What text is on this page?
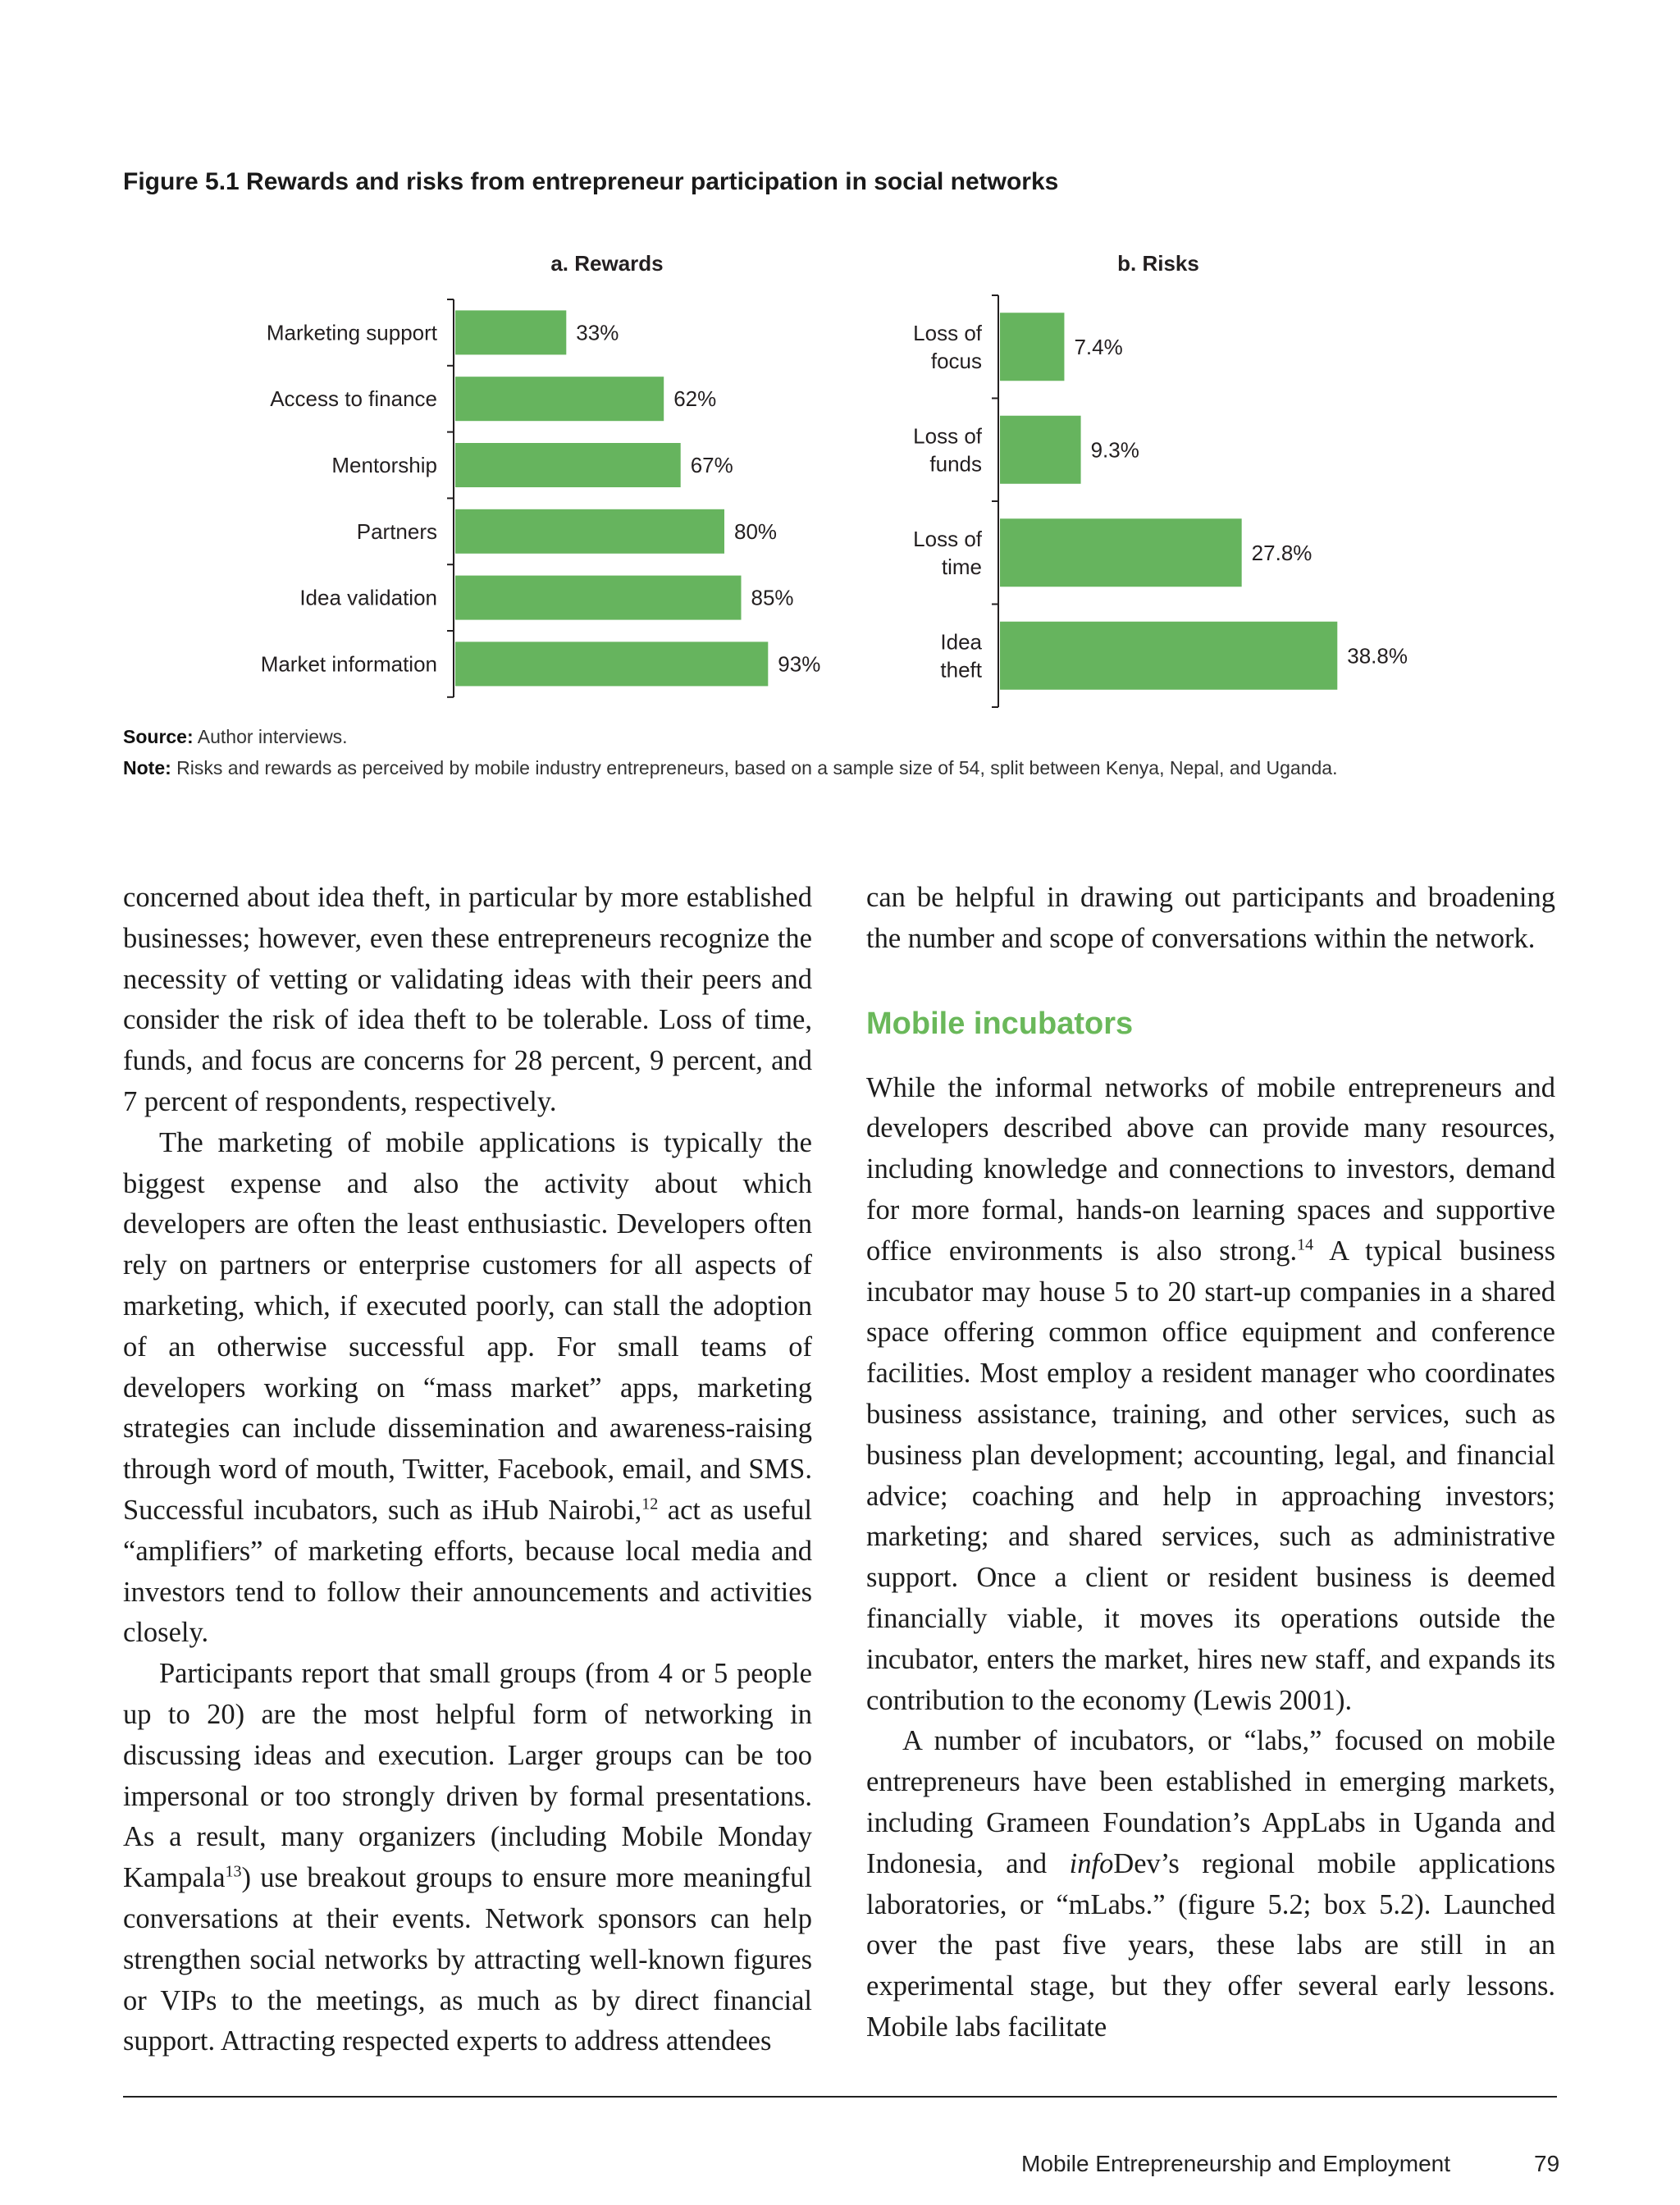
Figure 5.1 Rewards and risks from entrepreneur participation in social networks
a. Rewards
Marketing support	33%
Access to finance	62%
Mentorship	67%
Partners	80%
Idea validation	85%
Market information	93%
b. Risks
Loss of
focus
7.4%
Loss of
funds
9.3%
Loss of
time
27.8%
Idea
theft
38.8%
Source: Author interviews.
Note: Risks and rewards as perceived by mobile industry entrepreneurs, based on a sample size of 54, split between Kenya, Nepal, and Uganda.

concerned about idea theft, in particular by more established businesses; however, even these entrepreneurs recognize the necessity of vetting or validating ideas with their peers and consider the risk of idea theft to be tolerable. Loss of time, funds, and focus are concerns for 28 percent, 9 percent, and 7 percent of respondents, respectively.

The marketing of mobile applications is typically the biggest expense and also the activity about which developers are often the least enthusiastic. Developers often rely on partners or enterprise customers for all aspects of marketing, which, if executed poorly, can stall the adoption of an otherwise successful app. For small teams of developers working on “mass market” apps, marketing strategies can include dissemination and awareness-raising through word of mouth, Twitter, Facebook, email, and SMS. Successful incubators, such as iHub Nairobi,$^{12}$ act as useful “amplifiers” of marketing efforts, because local media and investors tend to follow their announcements and activities closely.

Participants report that small groups (from 4 or 5 people up to 20) are the most helpful form of networking in discussing ideas and execution. Larger groups can be too impersonal or too strongly driven by formal presentations. As a result, many organizers (including Mobile Monday Kampala$^{13}$) use breakout groups to ensure more meaningful conversations at their events. Network sponsors can help strengthen social networks by attracting well-known figures or VIPs to the meetings, as much as by direct financial support. Attracting respected experts to address attendees

can be helpful in drawing out participants and broadening the number and scope of conversations within the network.

Mobile incubators

While the informal networks of mobile entrepreneurs and developers described above can provide many resources, including knowledge and connections to investors, demand for more formal, hands-on learning spaces and supportive office environments is also strong.$^{14}$ A typical business incubator may house 5 to 20 start-up companies in a shared space offering common office equipment and conference facilities. Most employ a resident manager who coordinates business assistance, training, and other services, such as business plan development; accounting, legal, and financial advice; coaching and help in approaching investors; marketing; and shared services, such as administrative support. Once a client or resident business is deemed financially viable, it moves its operations outside the incubator, enters the market, hires new staff, and expands its contribution to the economy (Lewis 2001).

A number of incubators, or “labs,” focused on mobile entrepreneurs have been established in emerging markets, including Grameen Foundation’s AppLabs in Uganda and Indonesia, and infoDev’s regional mobile applications laboratories, or “mLabs.” (figure 5.2; box 5.2). Launched over the past five years, these labs are still in an experimental stage, but they offer several early lessons. Mobile labs facilitate

Mobile Entrepreneurship and Employment	79
